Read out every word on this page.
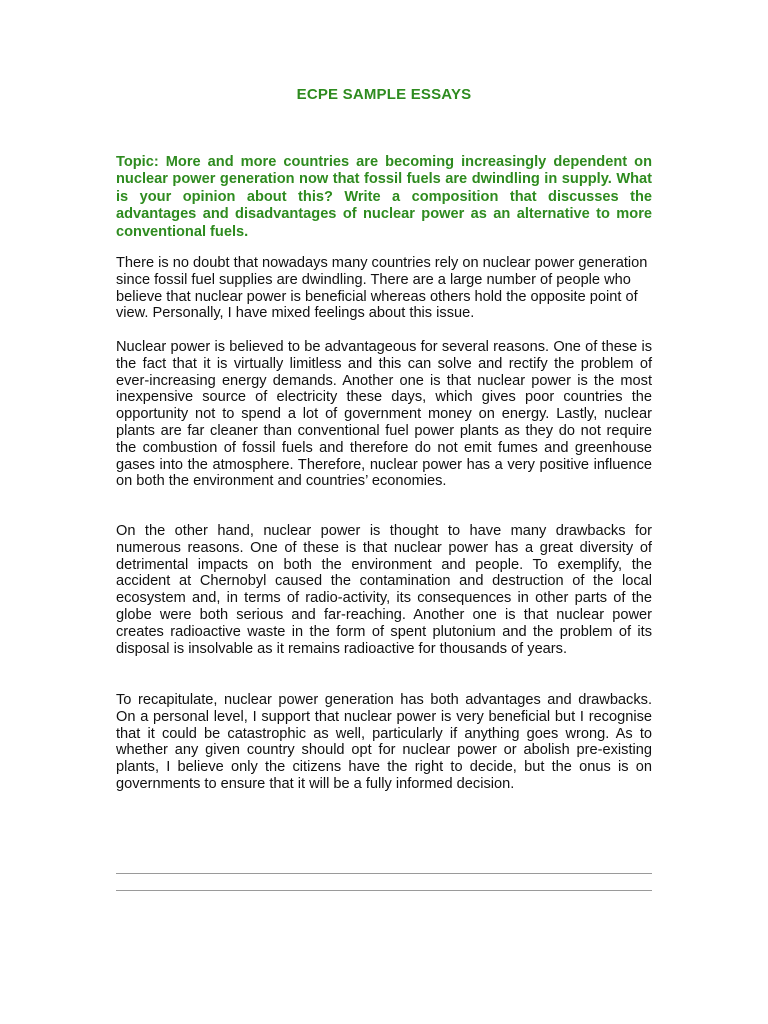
ECPE SAMPLE ESSAYS

Topic: More and more countries are becoming increasingly dependent on nuclear power generation now that fossil fuels are dwindling in supply. What is your opinion about this? Write a composition that discusses the advantages and disadvantages of nuclear power as an alternative to more conventional fuels.

There is no doubt that nowadays many countries rely on nuclear power generation since fossil fuel supplies are dwindling. There are a large number of people who believe that nuclear power is beneficial whereas others hold the opposite point of view. Personally, I have mixed feelings about this issue.

Nuclear power is believed to be advantageous for several reasons. One of these is the fact that it is virtually limitless and this can solve and rectify the problem of ever-increasing energy demands. Another one is that nuclear power is the most inexpensive source of electricity these days, which gives poor countries the opportunity not to spend a lot of government money on energy. Lastly, nuclear plants are far cleaner than conventional fuel power plants as they do not require the combustion of fossil fuels and therefore do not emit fumes and greenhouse gases into the atmosphere. Therefore, nuclear power has a very positive influence on both the environment and countries’ economies.

On the other hand, nuclear power is thought to have many drawbacks for numerous reasons. One of these is that nuclear power has a great diversity of detrimental impacts on both the environment and people. To exemplify, the accident at Chernobyl caused the contamination and destruction of the local ecosystem and, in terms of radio-activity, its consequences in other parts of the globe were both serious and far-reaching. Another one is that nuclear power creates radioactive waste in the form of spent plutonium and the problem of its disposal is insolvable as it remains radioactive for thousands of years.

To recapitulate, nuclear power generation has both advantages and drawbacks. On a personal level, I support that nuclear power is very beneficial but I recognise that it could be catastrophic as well, particularly if anything goes wrong. As to whether any given country should opt for nuclear power or abolish pre-existing plants, I believe only the citizens have the right to decide, but the onus is on governments to ensure that it will be a fully informed decision.
